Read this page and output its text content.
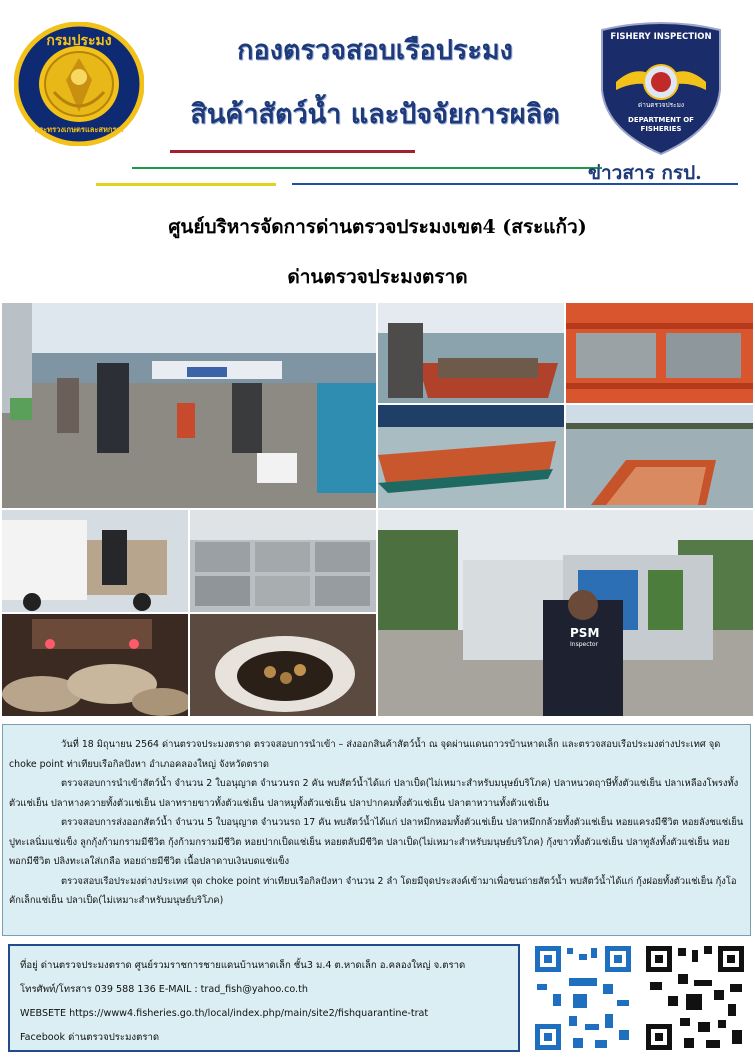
กรมประมง
กระทรวงเกษตรและสหกรณ์
กองตรวจสอบเรือประมง
สินค้าสัตว์น้ำ และปัจจัยการผลิต
FISHERY INSPECTION
ด่านตรวจประมง
DEPARTMENT OF FISHERIES
ข่าวสาร กรป.
ศูนย์บริหารจัดการด่านตรวจประมงเขต4 (สระแก้ว)
ด่านตรวจประมงตราด
PSM
Inspector

วันที่ 18 มิถุนายน 2564 ด่านตรวจประมงตราด ตรวจสอบการนำเข้า – ส่งออกสินค้าสัตว์น้ำ ณ จุดผ่านแดนถาวรบ้านหาดเล็ก และตรวจสอบเรือประมงต่างประเทศ จุด choke point ท่าเทียบเรือกิลปังหา อำเภอคลองใหญ่ จังหวัดตราด

ตรวจสอบการนำเข้าสัตว์น้ำ จำนวน 2 ใบอนุญาต จำนวนรถ 2 คัน พบสัตว์น้ำได้แก่ ปลาเป็ด(ไม่เหมาะสำหรับมนุษย์บริโภค) ปลาหนวดฤาษีทั้งตัวแช่เย็น ปลาเหลืองโพรงทั้งตัวแช่เย็น ปลาหางควายทั้งตัวแช่เย็น ปลาทรายขาวทั้งตัวแช่เย็น ปลาหมูทั้งตัวแช่เย็น ปลาปากคมทั้งตัวแช่เย็น ปลาตาหวานทั้งตัวแช่เย็น

ตรวจสอบการส่งออกสัตว์น้ำ จำนวน 5 ใบอนุญาต จำนวนรถ 17 คัน พบสัตว์น้ำได้แก่ ปลาหมึกหอมทั้งตัวแช่เย็น ปลาหมึกกล้วยทั้งตัวแช่เย็น หอยแครงมีชีวิต หอยลังชแช่เย็น ปูทะเลนิ่มแช่แข็ง ลูกกุ้งก้ามกรามมีชีวิต กุ้งก้ามกรามมีชีวิต หอยปากเป็ดแช่เย็น หอยตลับมีชีวิต ปลาเป็ด(ไม่เหมาะสำหรับมนุษย์บริโภค) กุ้งขาวทั้งตัวแช่เย็น ปลาทูลังทั้งตัวแช่เย็น หอยพอกมีชีวิต ปลิงทะเลใส่เกลือ หอยถ่ายมีชีวิต เนื้อปลาดาบเงินบดแช่แข็ง

ตรวจสอบเรือประมงต่างประเทศ จุด choke point ท่าเทียบเรือกิลปังหา จำนวน 2 ลำ โดยมีจุดประสงค์เข้ามาเพื่อขนถ่ายสัตว์น้ำ พบสัตว์น้ำได้แก่ กุ้งฝอยทั้งตัวแช่เย็น กุ้งโอคักเล็กแช่เย็น ปลาเป็ด(ไม่เหมาะสำหรับมนุษย์บริโภค)

ที่อยู่ ด่านตรวจประมงตราด ศูนย์รวมราชการชายแดนบ้านหาดเล็ก ชั้น3 ม.4 ต.หาดเล็ก อ.คลองใหญ่ จ.ตราด
โทรศัพท์/โทรสาร 039 588 136 E-MAIL : trad_fish@yahoo.co.th
WEBSETE https://www4.fisheries.go.th/local/index.php/main/site2/fishquarantine-trat
Facebook ด่านตรวจประมงตราด
